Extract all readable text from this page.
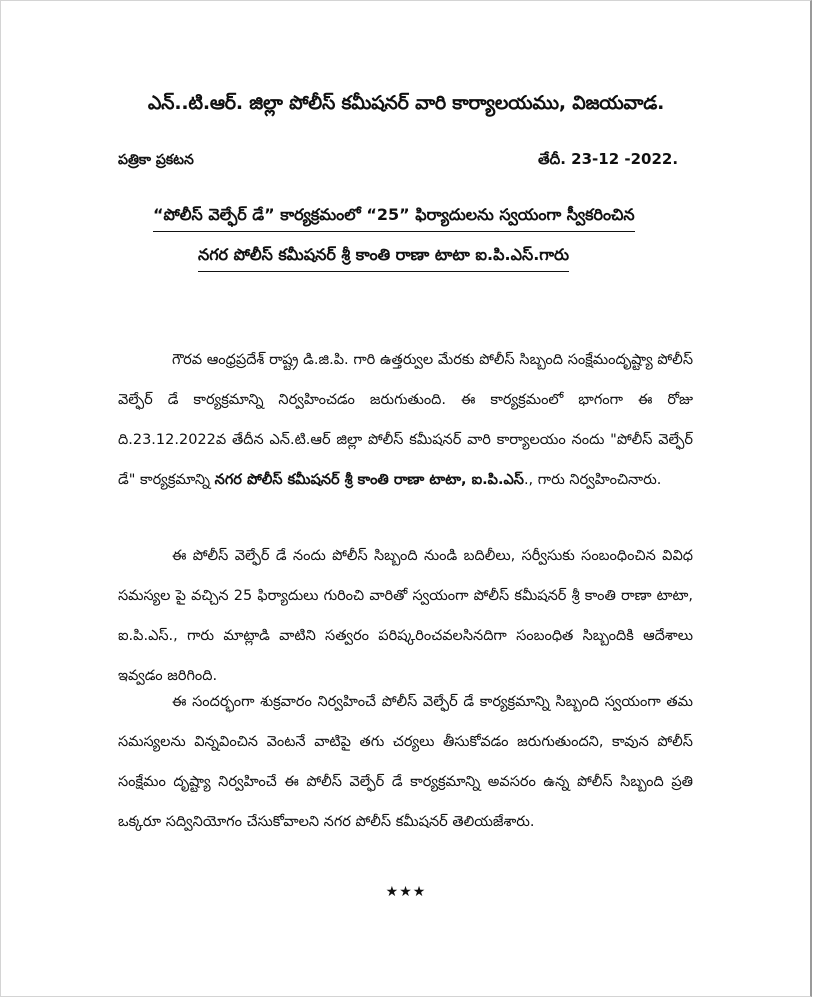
ఎన్..టి.ఆర్. జిల్లా పోలీస్ కమీషనర్ వారి కార్యాలయము, విజయవాడ.
పత్రికా ప్రకటన	తేదీ. 23-12 -2022.
“పోలీస్ వెల్ఫేర్ డే” కార్యక్రమంలో “25” ఫిర్యాదులను స్వయంగా స్వీకరించిన
నగర పోలీస్ కమీషనర్ శ్రీ కాంతి రాణా టాటా ఐ.పి.ఎస్.గారు
గౌరవ ఆంధ్రప్రదేశ్ రాష్ట్ర డి.జి.పి. గారి ఉత్తర్వుల మేరకు పోలీస్ సిబ్బంది సంక్షేమందృష్ట్యా పోలీస్ వెల్ఫేర్ డే కార్యక్రమాన్ని నిర్వహించడం జరుగుతుంది. ఈ కార్యక్రమంలో భాగంగా ఈ రోజు ది.23.12.2022వ తేదీన ఎన్.టి.ఆర్ జిల్లా పోలీస్ కమీషనర్ వారి కార్యాలయం నందు "పోలీస్ వెల్ఫేర్ డే" కార్యక్రమాన్ని నగర పోలీస్ కమీషనర్ శ్రీ కాంతి రాణా టాటా, ఐ.పి.ఎస్., గారు నిర్వహించినారు.
ఈ పోలీస్ వెల్ఫేర్ డే నందు పోలీస్ సిబ్బంది నుండి బదిలీలు, సర్వీసుకు సంబంధించిన వివిధ సమస్యల పై వచ్చిన 25 ఫిర్యాదులు గురించి వారితో స్వయంగా పోలీస్ కమీషనర్ శ్రీ కాంతి రాణా టాటా, ఐ.పి.ఎస్., గారు మాట్లాడి వాటిని సత్వరం పరిష్కరించవలసినదిగా సంబంధిత సిబ్బందికి ఆదేశాలు ఇవ్వడం జరిగింది.
ఈ సందర్భంగా శుక్రవారం నిర్వహించే పోలీస్ వెల్ఫేర్ డే కార్యక్రమాన్ని సిబ్బంది స్వయంగా తమ సమస్యలను విన్నవించిన వెంటనే వాటిపై తగు చర్యలు తీసుకోవడం జరుగుతుందని, కావున పోలీస్ సంక్షేమం దృష్ట్యా నిర్వహించే ఈ పోలీస్ వెల్ఫేర్ డే కార్యక్రమాన్ని అవసరం ఉన్న పోలీస్ సిబ్బంది ప్రతి ఒక్కరూ సద్వినియోగం చేసుకోవాలని నగర పోలీస్ కమీషనర్ తెలియజేశారు.
★★★
